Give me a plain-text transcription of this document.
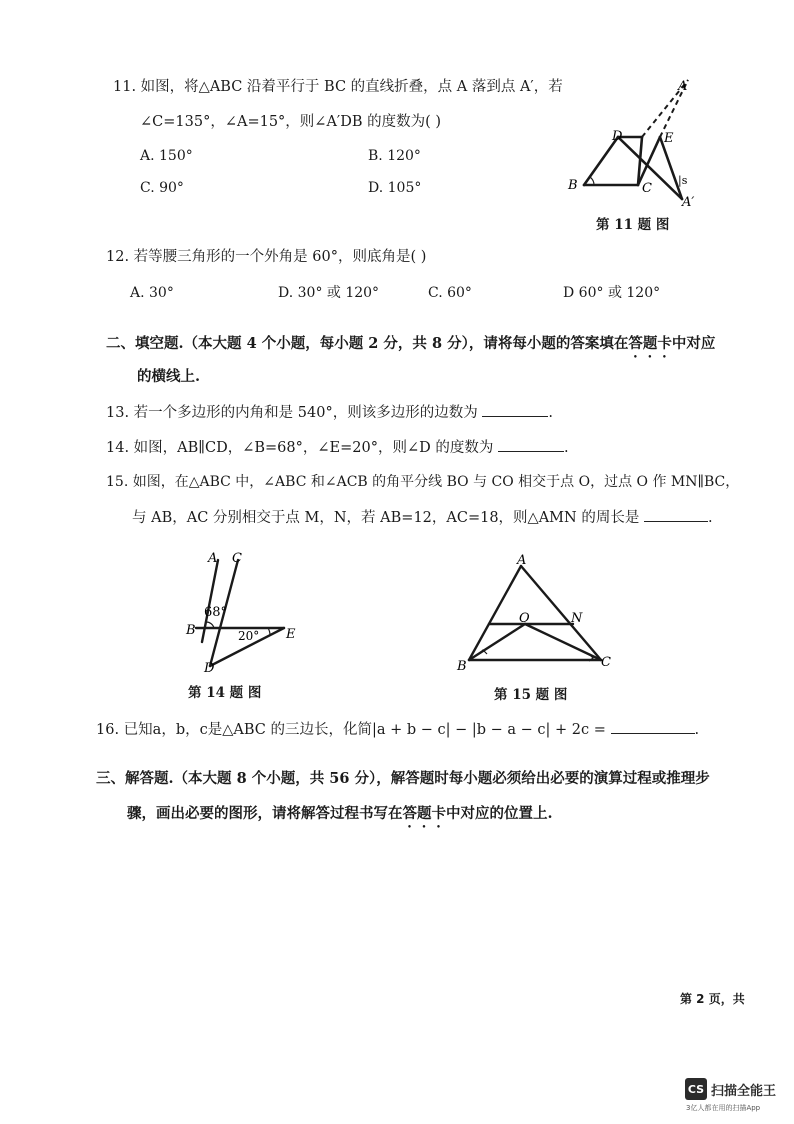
11. 如图，将△ABC 沿着平行于 BC 的直线折叠，点 A 落到点 A′，若
∠C=135°，∠A=15°，则∠A′DB 的度数为( )
A. 150°	B. 120°
C. 90°	D. 105°
A
D	E
B	C
|s
A′
第 11 题 图
12. 若等腰三角形的一个外角是 60°，则底角是( )
A. 30°	D. 30° 或 120°	C. 60°	D 60° 或 120°
二、填空题.（本大题 4 个小题，每小题 2 分，共 8 分），请将每小题的答案填在答题卡中对应
的横线上.
13. 若一个多边形的内角和是 540°，则该多边形的边数为	.
14. 如图，AB∥CD，∠B=68°，∠E=20°，则∠D 的度数为	.
15. 如图，在△ABC 中，∠ABC 和∠ACB 的角平分线 BO 与 CO 相交于点 O，过点 O 作 MN∥BC，
与 AB，AC 分别相交于点 M，N，若 AB=12，AC=18，则△AMN 的周长是	.
A C
68°
B	20° E
D
第 14 题 图
A
O	N
B	C
第 15 题 图
16. 已知a，b，c是△ABC 的三边长，化简|a + b − c| − |b − a − c| + 2c =	.
三、解答题.（本大题 8 个小题，共 56 分），解答题时每小题必须给出必要的演算过程或推理步
骤，画出必要的图形，请将解答过程书写在答题卡中对应的位置上.
第 2 页，共
CS 扫描全能王
3亿人都在用的扫描App
